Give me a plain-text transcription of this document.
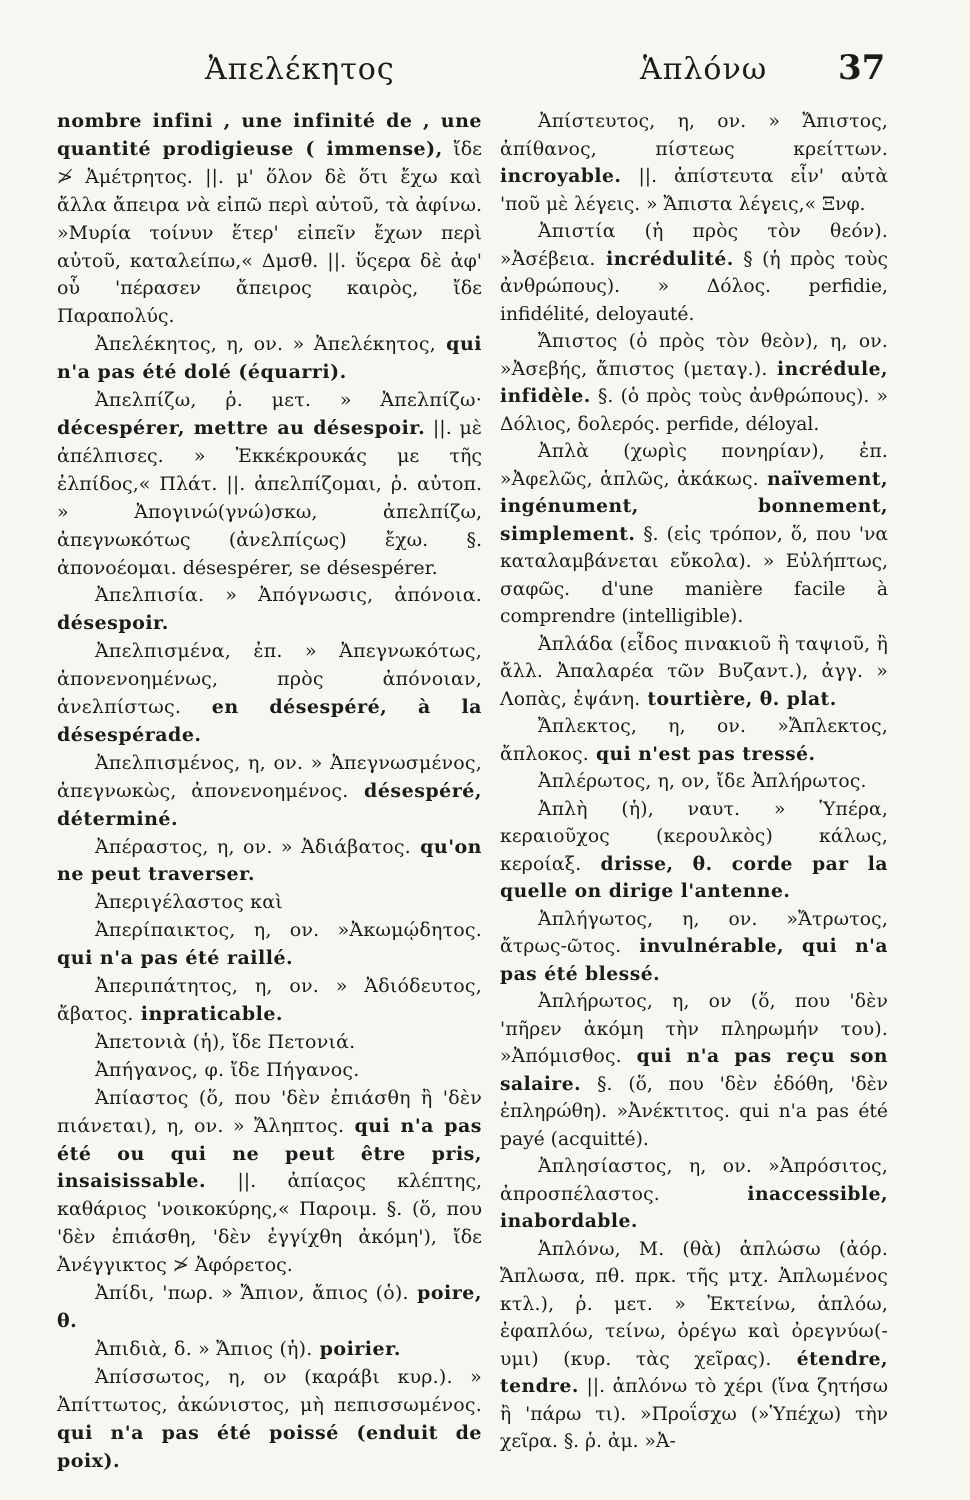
Ἀπελέκητος	Ἁπλόνω 37

nombre infini , une infinité de , une quantité prodigieuse ( immense), ἴδε ≯ Ἀμέτρητος. ||. μ' ὅλον δὲ ὅτι ἔχω καὶ ἄλλα ἄπειρα νὰ εἰπῶ περὶ αὐτοῦ, τὰ ἀφίνω. »Μυρία τοίνυν ἕτερ' εἰπεῖν ἔχων περὶ αὐτοῦ, καταλείπω,« Δμσθ. ||. ὕςερα δὲ ἀφ' οὗ 'πέρασεν ἄπειρος καιρὸς, ἴδε Παραπολύς.

Ἀπελέκητος, η, ον. » Ἀπελέκητος, qui n'a pas été dolé (équarri).

Ἀπελπίζω, ῥ. μετ. » Ἀπελπίζω· décespérer, mettre au désespoir. ||. μὲ ἀπέλπισες. » Ἐκκέκρουκάς με τῆς ἐλπίδος,« Πλάτ. ||. ἀπελπίζομαι, ῥ. αὐτοπ. » Ἀπογινώ(γνώ)σκω, ἀπελπίζω, ἀπεγνωκότως (ἀνελπίςως) ἔχω. §. ἀπονοέομαι. désespérer, se désespérer.

Ἀπελπισία. » Ἀπόγνωσις, ἀπόνοια. désespoir.

Ἀπελπισμένα, ἐπ. » Ἀπεγνωκότως, ἀπονενοημένως, πρὸς ἀπόνοιαν, ἀνελπίστως. en désespéré, à la désespérade.

Ἀπελπισμένος, η, ον. » Ἀπεγνωσμένος, ἀπεγνωκὼς, ἀπονενοημένος. désespéré, déterminé.

Ἀπέραστος, η, ον. » Ἀδιάβατος. qu'on ne peut traverser.

Ἀπεριγέλαστος καὶ

Ἀπερίπαικτος, η, ον. »Ἀκωμῴδητος. qui n'a pas été raillé.

Ἀπεριπάτητος, η, ον. » Ἀδιόδευτος, ἄβατος. inpraticable.

Ἀπετονιὰ (ἡ), ἴδε Πετονιά.

Ἀπήγανος, φ. ἴδε Πήγανος.

Ἀπίαστος (ὅ, που 'δὲν ἐπιάσθη ἢ 'δὲν πιάνεται), η, ον. » Ἄληπτος. qui n'a pas été ou qui ne peut être pris, insaisissable. ||. ἀπίαςος κλέπτης, καθάριος 'νοικοκύρης,« Παροιμ. §. (ὅ, που 'δὲν ἐπιάσθη, 'δὲν ἐγγίχθη ἀκόμη'), ἴδε Ἀνέγγικτος ≯ Ἀφόρετος.

Ἀπίδι, 'πωρ. » Ἄπιον, ἄπιος (ὁ). poire, θ.

Ἀπιδιὰ, δ. » Ἄπιος (ἡ). poirier.

Ἀπίσσωτος, η, ον (καράβι κυρ.). » Ἀπίττωτος, ἀκώνιστος, μὴ πεπισσωμένος. qui n'a pas été poissé (enduit de poix).

Ἀπίστευτος, η, ον. » Ἄπιστος, ἀπίθανος, πίστεως κρείττων. incroyable. ||. ἀπίστευτα εἶν' αὐτὰ 'ποῦ μὲ λέγεις. » Ἄπιστα λέγεις,« Ξνφ.

Ἀπιστία (ἡ πρὸς τὸν θεόν). »Ἀσέβεια. incrédulité. § (ἡ πρὸς τοὺς ἀνθρώπους). » Δόλος. perfidie, infidélité, deloyauté.

Ἄπιστος (ὁ πρὸς τὸν θεὸν), η, ον. »Ἀσεβής, ἄπιστος (μεταγ.). incrédule, infidèle. §. (ὁ πρὸς τοὺς ἀνθρώπους). » Δόλιος, δολερός. perfide, déloyal.

Ἀπλὰ (χωρὶς πονηρίαν), ἐπ. »Ἀφελῶς, ἁπλῶς, ἀκάκως. naïvement, ingénument, bonnement, simplement. §. (εἰς τρόπον, ὅ, που 'να καταλαμβάνεται εὔκολα). » Εὐλήπτως, σαφῶς. d'une manière facile à comprendre (intelligible).

Ἀπλάδα (εἶδος πινακιοῦ ἢ ταψιοῦ, ἢ ἄλλ. Ἀπαλαρέα τῶν Βυζαντ.), ἀγγ. » Λοπὰς, ἐψάνη. tourtière, θ. plat.

Ἄπλεκτος, η, ον. »Ἄπλεκτος, ἄπλοκος. qui n'est pas tressé.

Ἀπλέρωτος, η, ον, ἴδε Ἀπλήρωτος.

Ἀπλὴ (ἡ), ναυτ. » Ὑπέρα, κεραιοῦχος (κερουλκὸς) κάλως, κεροίαξ. drisse, θ. corde par la quelle on dirige l'antenne.

Ἀπλήγωτος, η, ον. »Ἄτρωτος, ἄτρως-ῶτος. invulnérable, qui n'a pas été blessé.

Ἀπλήρωτος, η, ον (ὅ, που 'δὲν 'πῆρεν ἀκόμη τὴν πληρωμήν του). »Ἀπόμισθος. qui n'a pas reçu son salaire. §. (ὅ, που 'δὲν ἐδόθη, 'δὲν ἐπληρώθη). »Ἀνέκτιτος. qui n'a pas été payé (acquitté).

Ἀπλησίαστος, η, ον. »Ἀπρόσιτος, ἀπροσπέλαστος. inaccessible, inabordable.

Ἁπλόνω, Μ. (θὰ) ἁπλώσω (ἀόρ. Ἄπλωσα, πθ. πρκ. τῆς μτχ. Ἀπλωμένος κτλ.), ῥ. μετ. » Ἐκτείνω, ἁπλόω, ἐφαπλόω, τείνω, ὀρέγω καὶ ὀρεγνύω(-υμι) (κυρ. τὰς χεῖρας). étendre, tendre. ||. ἁπλόνω τὸ χέρι (ἵνα ζητήσω ἢ 'πάρω τι). »Προΐσχω (»Ὑπέχω) τὴν χεῖρα. §. ῥ. ἀμ. »Ἀ-
